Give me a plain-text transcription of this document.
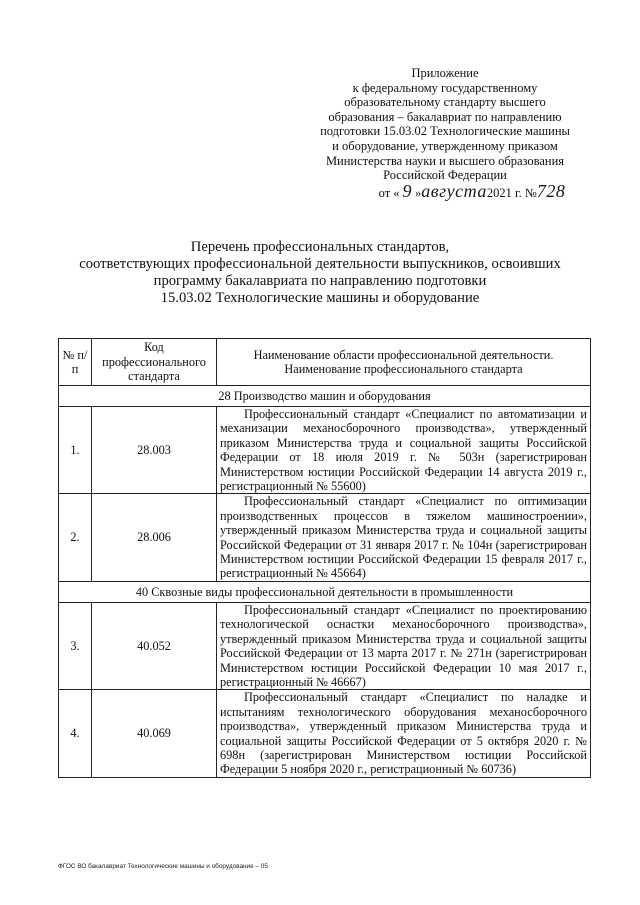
Приложение
к федеральному государственному
образовательному стандарту высшего
образования – бакалавриат по направлению
подготовки 15.03.02 Технологические машины
и оборудование, утвержденному приказом
Министерства науки и высшего образования
Российской Федерации
от « 9 »августа2021 г. №728
Перечень профессиональных стандартов,
соответствующих профессиональной деятельности выпускников, освоивших
программу бакалавриата по направлению подготовки
15.03.02 Технологические машины и оборудование
№ п/п	Код профессионального стандарта	Наименование области профессиональной деятельности. Наименование профессионального стандарта
28 Производство машин и оборудования		
1.	28.003	Профессиональный стандарт «Специалист по автоматизации и механизации механосборочного производства», утвержденный приказом Министерства труда и социальной защиты Российской Федерации от 18 июля 2019 г. № 503н (зарегистрирован Министерством юстиции Российской Федерации 14 августа 2019 г., регистрационный № 55600)
2.	28.006	Профессиональный стандарт «Специалист по оптимизации производственных процессов в тяжелом машиностроении», утвержденный приказом Министерства труда и социальной защиты Российской Федерации от 31 января 2017 г. № 104н (зарегистрирован Министерством юстиции Российской Федерации 15 февраля 2017 г., регистрационный № 45664)
40 Сквозные виды профессиональной деятельности в промышленности		
3.	40.052	Профессиональный стандарт «Специалист по проектированию технологической оснастки механосборочного производства», утвержденный приказом Министерства труда и социальной защиты Российской Федерации от 13 марта 2017 г. № 271н (зарегистрирован Министерством юстиции Российской Федерации 10 мая 2017 г., регистрационный № 46667)
4.	40.069	Профессиональный стандарт «Специалист по наладке и испытаниям технологического оборудования механосборочного производства», утвержденный приказом Министерства труда и социальной защиты Российской Федерации от 5 октября 2020 г. № 698н (зарегистрирован Министерством юстиции Российской Федерации 5 ноября 2020 г., регистрационный № 60736)
ФГОС ВО бакалавриат Технологические машины и оборудование – 05
